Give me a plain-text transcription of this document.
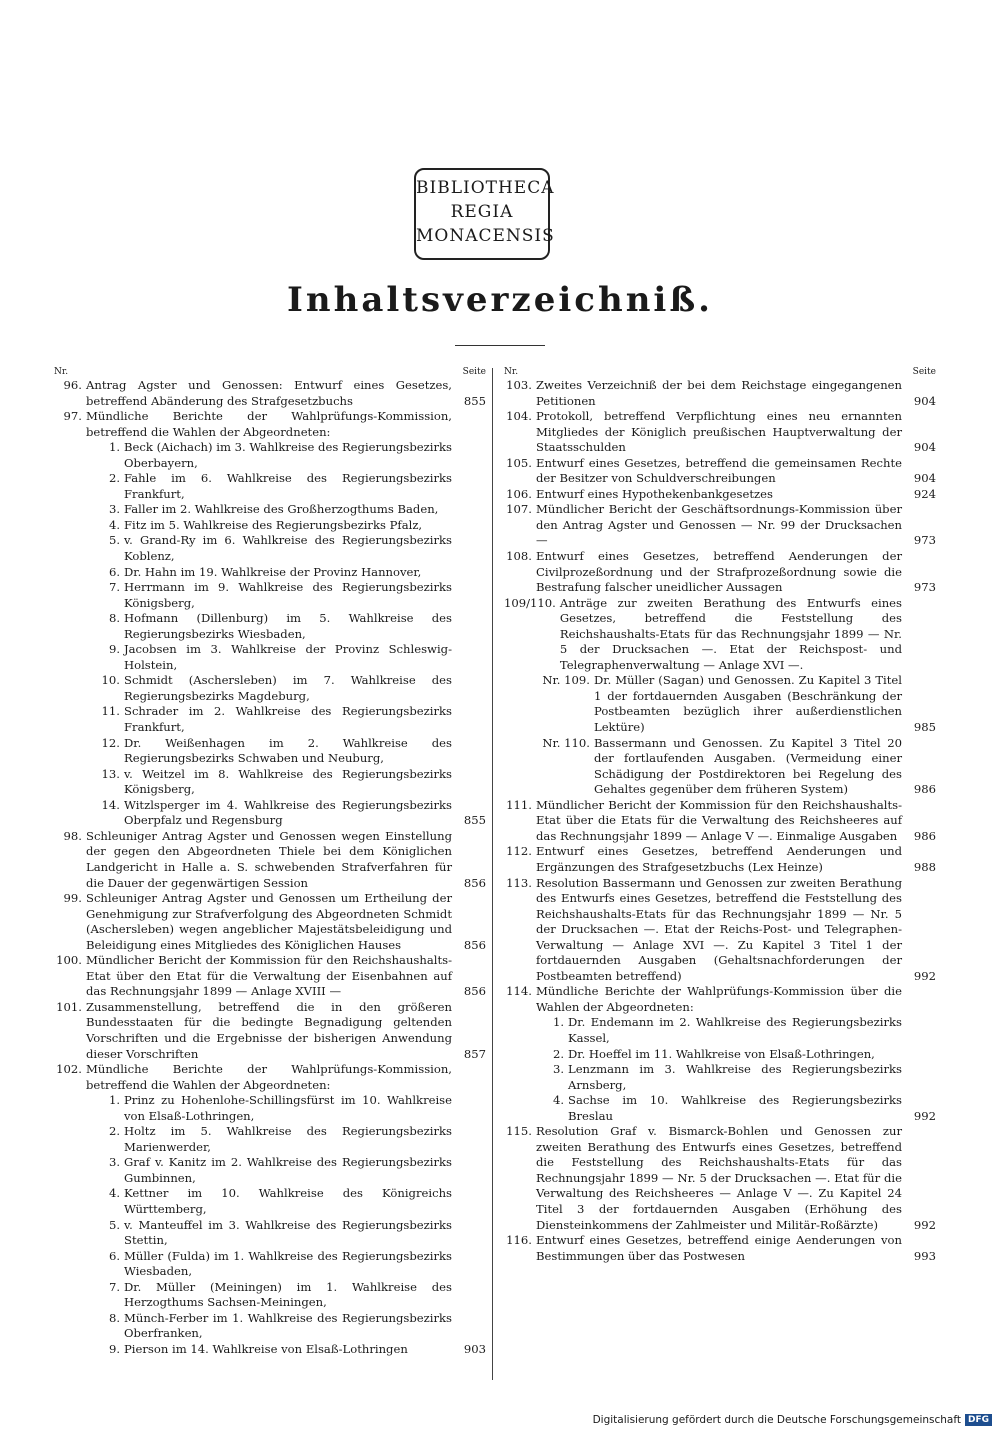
BIBLIOTHECA
REGIA
MONACENSIS
Inhaltsverzeichniß.
Nr.	Seite
96. Antrag Agster und Genossen: Entwurf eines Gesetzes, betreffend Abänderung des Strafgesetzbuchs	855
97. Mündliche Berichte der Wahlprüfungs-Kommission, betreffend die Wahlen der Abgeordneten:
1. Beck (Aichach) im 3. Wahlkreise des Regierungsbezirks Oberbayern,
2. Fahle im 6. Wahlkreise des Regierungsbezirks Frankfurt,
3. Faller im 2. Wahlkreise des Großherzogthums Baden,
4. Fitz im 5. Wahlkreise des Regierungsbezirks Pfalz,
5. v. Grand-Ry im 6. Wahlkreise des Regierungsbezirks Koblenz,
6. Dr. Hahn im 19. Wahlkreise der Provinz Hannover,
7. Herrmann im 9. Wahlkreise des Regierungsbezirks Königsberg,
8. Hofmann (Dillenburg) im 5. Wahlkreise des Regierungsbezirks Wiesbaden,
9. Jacobsen im 3. Wahlkreise der Provinz Schleswig-Holstein,
10. Schmidt (Aschersleben) im 7. Wahlkreise des Regierungsbezirks Magdeburg,
11. Schrader im 2. Wahlkreise des Regierungsbezirks Frankfurt,
12. Dr. Weißenhagen im 2. Wahlkreise des Regierungsbezirks Schwaben und Neuburg,
13. v. Weitzel im 8. Wahlkreise des Regierungsbezirks Königsberg,
14. Witzlsperger im 4. Wahlkreise des Regierungsbezirks Oberpfalz und Regensburg	855
98. Schleuniger Antrag Agster und Genossen wegen Einstellung der gegen den Abgeordneten Thiele bei dem Königlichen Landgericht in Halle a. S. schwebenden Strafverfahren für die Dauer der gegenwärtigen Session	856
99. Schleuniger Antrag Agster und Genossen um Ertheilung der Genehmigung zur Strafverfolgung des Abgeordneten Schmidt (Aschersleben) wegen angeblicher Majestätsbeleidigung und Beleidigung eines Mitgliedes des Königlichen Hauses	856
100. Mündlicher Bericht der Kommission für den Reichshaushalts-Etat über den Etat für die Verwaltung der Eisenbahnen auf das Rechnungsjahr 1899 — Anlage XVIII —	856
101. Zusammenstellung, betreffend die in den größeren Bundesstaaten für die bedingte Begnadigung geltenden Vorschriften und die Ergebnisse der bisherigen Anwendung dieser Vorschriften	857
102. Mündliche Berichte der Wahlprüfungs-Kommission, betreffend die Wahlen der Abgeordneten:
1. Prinz zu Hohenlohe-Schillingsfürst im 10. Wahlkreise von Elsaß-Lothringen,
2. Holtz im 5. Wahlkreise des Regierungsbezirks Marienwerder,
3. Graf v. Kanitz im 2. Wahlkreise des Regierungsbezirks Gumbinnen,
4. Kettner im 10. Wahlkreise des Königreichs Württemberg,
5. v. Manteuffel im 3. Wahlkreise des Regierungsbezirks Stettin,
6. Müller (Fulda) im 1. Wahlkreise des Regierungsbezirks Wiesbaden,
7. Dr. Müller (Meiningen) im 1. Wahlkreise des Herzogthums Sachsen-Meiningen,
8. Münch-Ferber im 1. Wahlkreise des Regierungsbezirks Oberfranken,
9. Pierson im 14. Wahlkreise von Elsaß-Lothringen	903
Nr.	Seite
103. Zweites Verzeichniß der bei dem Reichstage eingegangenen Petitionen	904
104. Protokoll, betreffend Verpflichtung eines neu ernannten Mitgliedes der Königlich preußischen Hauptverwaltung der Staatsschulden	904
105. Entwurf eines Gesetzes, betreffend die gemeinsamen Rechte der Besitzer von Schuldverschreibungen	904
106. Entwurf eines Hypothekenbankgesetzes	924
107. Mündlicher Bericht der Geschäftsordnungs-Kommission über den Antrag Agster und Genossen — Nr. 99 der Drucksachen —	973
108. Entwurf eines Gesetzes, betreffend Aenderungen der Civilprozeßordnung und der Strafprozeßordnung sowie die Bestrafung falscher uneidlicher Aussagen	973
109/110. Anträge zur zweiten Berathung des Entwurfs eines Gesetzes, betreffend die Feststellung des Reichshaushalts-Etats für das Rechnungsjahr 1899 — Nr. 5 der Drucksachen —. Etat der Reichspost- und Telegraphenverwaltung — Anlage XVI —.
Nr. 109. Dr. Müller (Sagan) und Genossen. Zu Kapitel 3 Titel 1 der fortdauernden Ausgaben (Beschränkung der Postbeamten bezüglich ihrer außerdienstlichen Lektüre)	985
Nr. 110. Bassermann und Genossen. Zu Kapitel 3 Titel 20 der fortlaufenden Ausgaben. (Vermeidung einer Schädigung der Postdirektoren bei Regelung des Gehaltes gegenüber dem früheren System)	986
111. Mündlicher Bericht der Kommission für den Reichshaushalts-Etat über die Etats für die Verwaltung des Reichsheeres auf das Rechnungsjahr 1899 — Anlage V —. Einmalige Ausgaben	986
112. Entwurf eines Gesetzes, betreffend Aenderungen und Ergänzungen des Strafgesetzbuchs (Lex Heinze)	988
113. Resolution Bassermann und Genossen zur zweiten Berathung des Entwurfs eines Gesetzes, betreffend die Feststellung des Reichshaushalts-Etats für das Rechnungsjahr 1899 — Nr. 5 der Drucksachen —. Etat der Reichs-Post- und Telegraphen-Verwaltung — Anlage XVI —. Zu Kapitel 3 Titel 1 der fortdauernden Ausgaben (Gehaltsnachforderungen der Postbeamten betreffend)	992
114. Mündliche Berichte der Wahlprüfungs-Kommission über die Wahlen der Abgeordneten:
1. Dr. Endemann im 2. Wahlkreise des Regierungsbezirks Kassel,
2. Dr. Hoeffel im 11. Wahlkreise von Elsaß-Lothringen,
3. Lenzmann im 3. Wahlkreise des Regierungsbezirks Arnsberg,
4. Sachse im 10. Wahlkreise des Regierungsbezirks Breslau	992
115. Resolution Graf v. Bismarck-Bohlen und Genossen zur zweiten Berathung des Entwurfs eines Gesetzes, betreffend die Feststellung des Reichshaushalts-Etats für das Rechnungsjahr 1899 — Nr. 5 der Drucksachen —. Etat für die Verwaltung des Reichsheeres — Anlage V —. Zu Kapitel 24 Titel 3 der fortdauernden Ausgaben (Erhöhung des Diensteinkommens der Zahlmeister und Militär-Roßärzte)	992
116. Entwurf eines Gesetzes, betreffend einige Aenderungen von Bestimmungen über das Postwesen	993
Digitalisierung gefördert durch die Deutsche Forschungsgemeinschaft DFG
